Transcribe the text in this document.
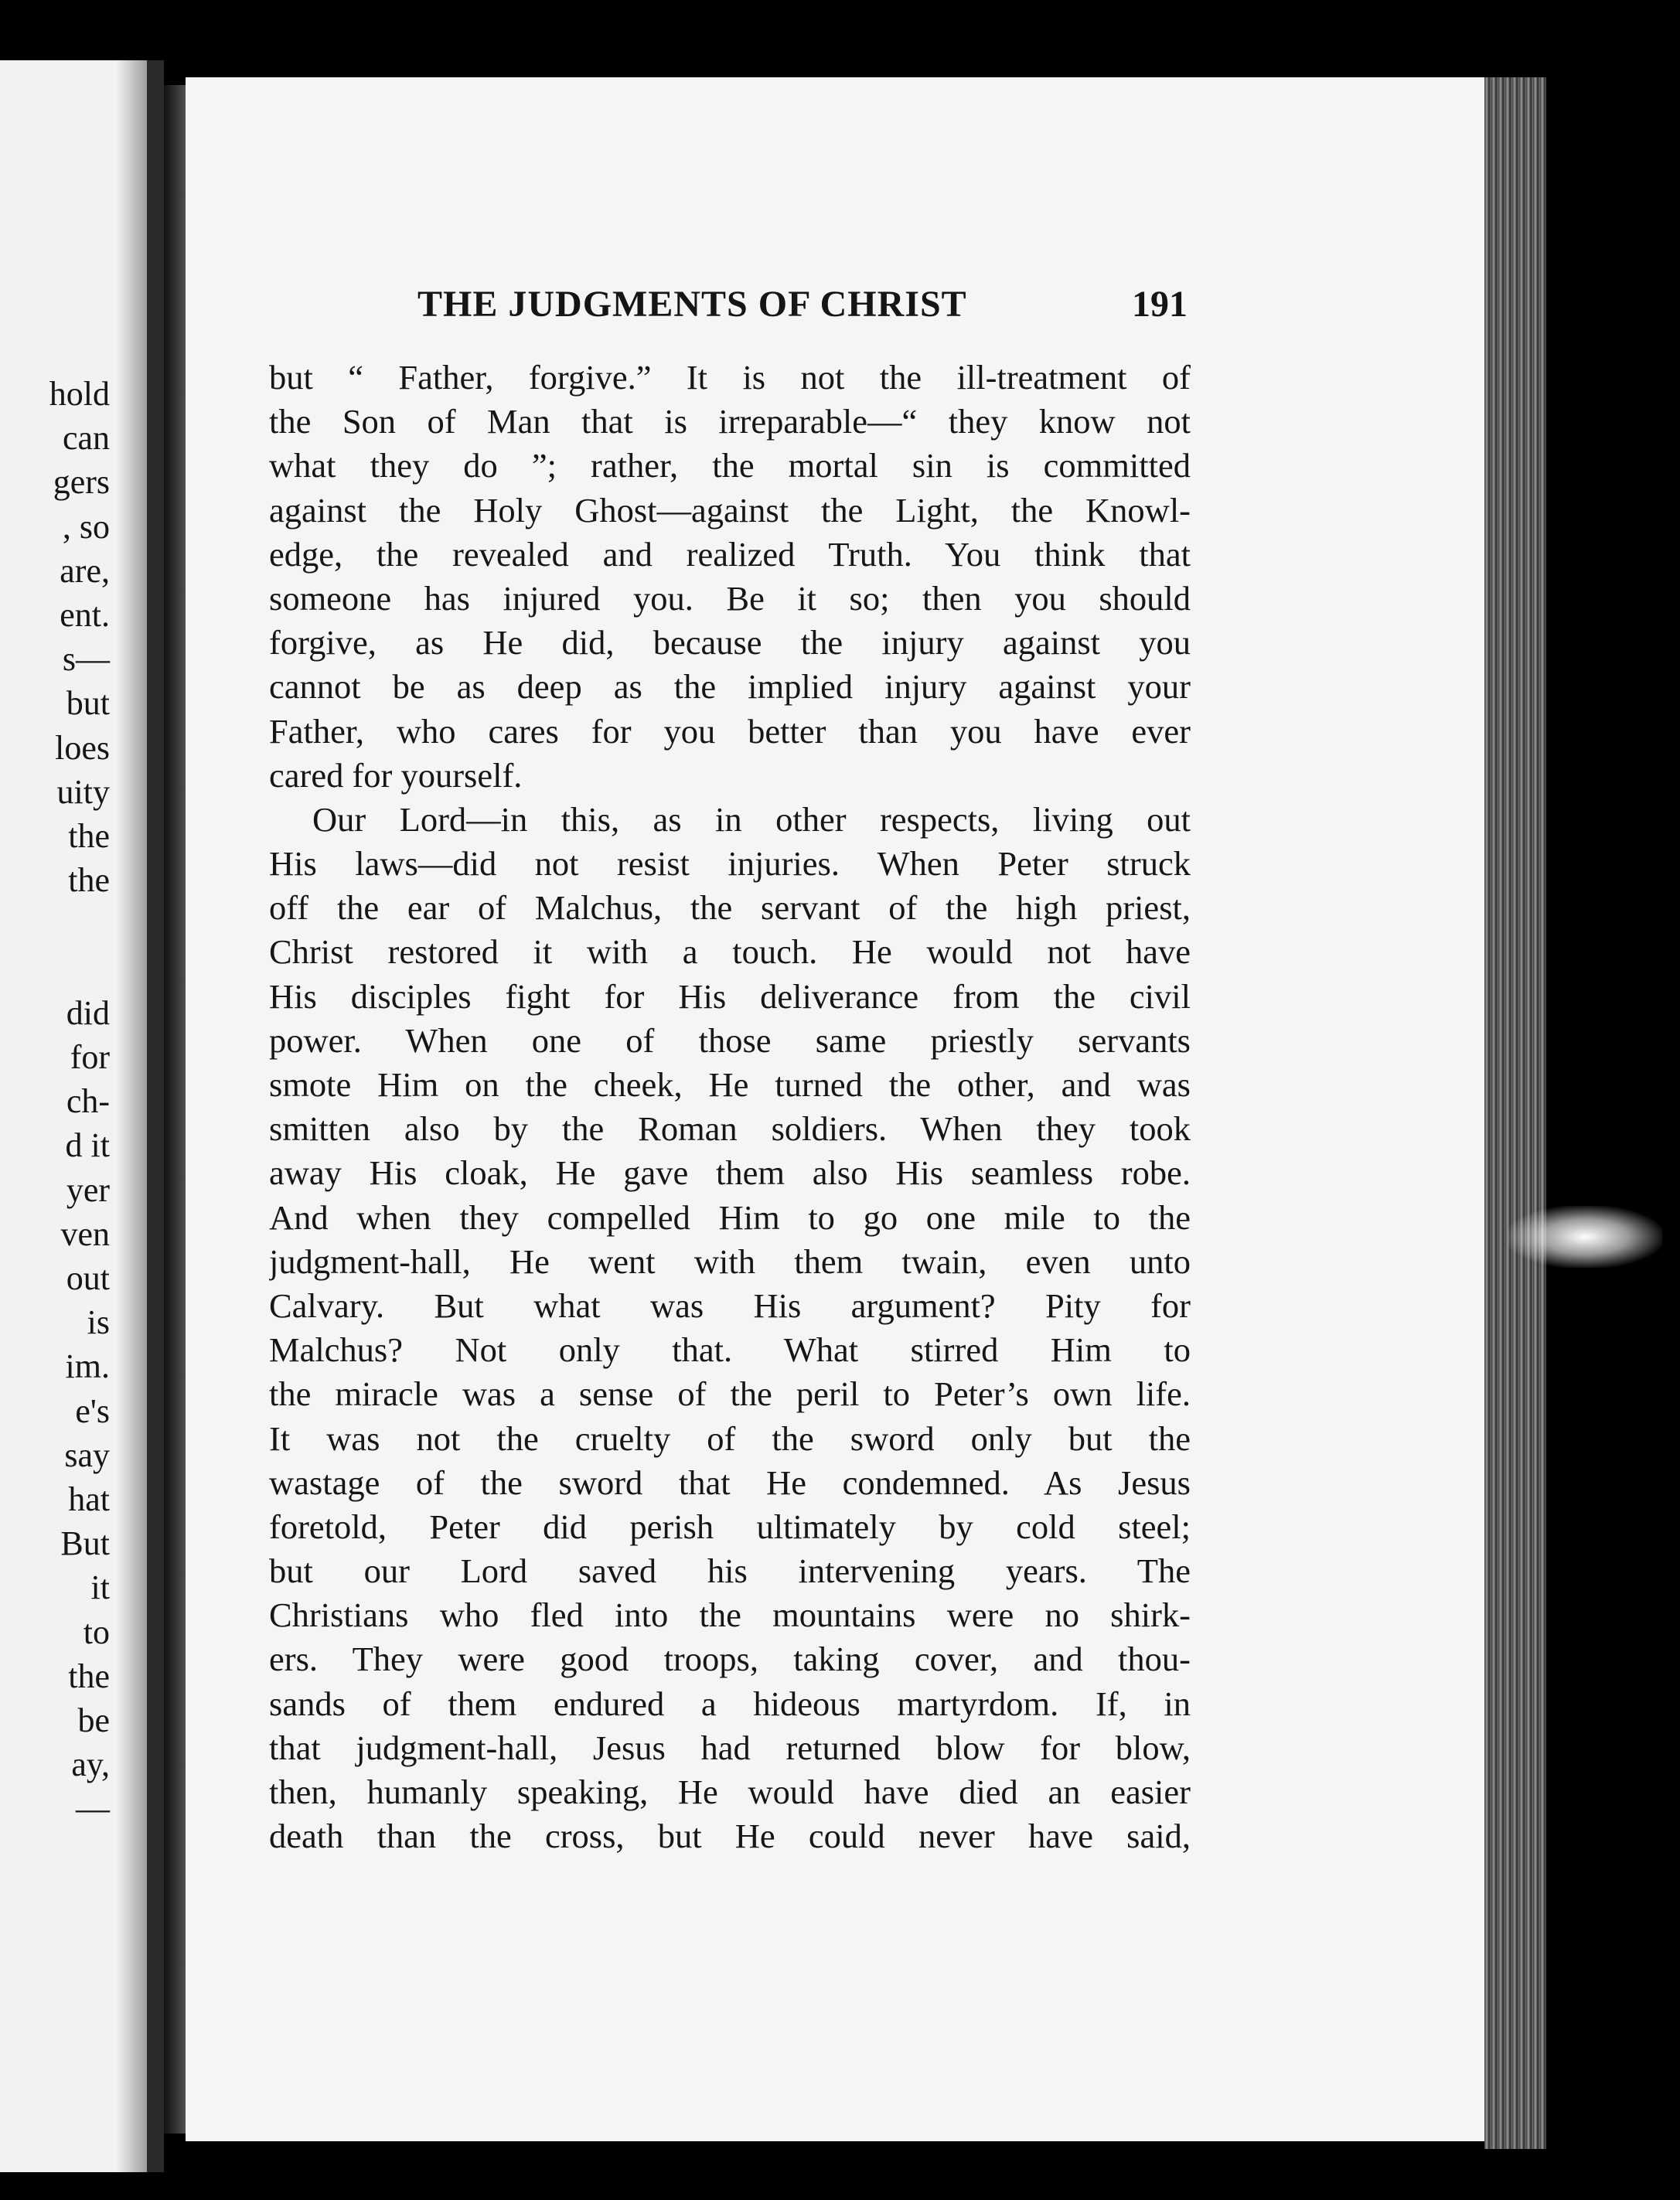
hold
can
gers
, so
are,
ent.
s—
but
loes
uity
the
the
did
for
ch-
d it
yer
ven
out
is
im.
e's
say
hat
But
it
to
the
be
ay,
—
THE JUDGMENTS OF CHRIST	191
but “ Father, forgive.” It is not the ill-treatment of
the Son of Man that is irreparable—“ they know not
what they do ”; rather, the mortal sin is committed
against the Holy Ghost—against the Light, the Knowl-
edge, the revealed and realized Truth. You think that
someone has injured you. Be it so; then you should
forgive, as He did, because the injury against you
cannot be as deep as the implied injury against your
Father, who cares for you better than you have ever
cared for yourself.
Our Lord—in this, as in other respects, living out
His laws—did not resist injuries. When Peter struck
off the ear of Malchus, the servant of the high priest,
Christ restored it with a touch. He would not have
His disciples fight for His deliverance from the civil
power. When one of those same priestly servants
smote Him on the cheek, He turned the other, and was
smitten also by the Roman soldiers. When they took
away His cloak, He gave them also His seamless robe.
And when they compelled Him to go one mile to the
judgment-hall, He went with them twain, even unto
Calvary. But what was His argument? Pity for
Malchus? Not only that. What stirred Him to
the miracle was a sense of the peril to Peter’s own life.
It was not the cruelty of the sword only but the
wastage of the sword that He condemned. As Jesus
foretold, Peter did perish ultimately by cold steel;
but our Lord saved his intervening years. The
Christians who fled into the mountains were no shirk-
ers. They were good troops, taking cover, and thou-
sands of them endured a hideous martyrdom. If, in
that judgment-hall, Jesus had returned blow for blow,
then, humanly speaking, He would have died an easier
death than the cross, but He could never have said,
